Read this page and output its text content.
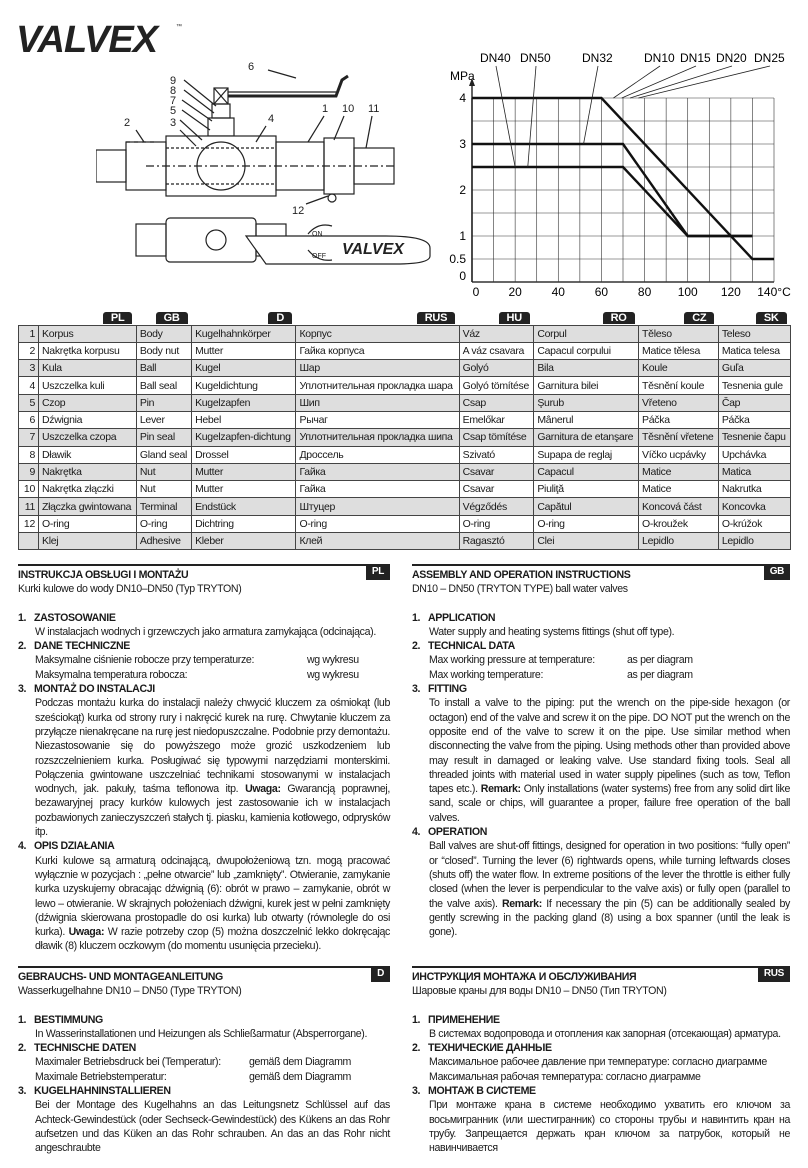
VALVEX	™
6
9
8
7
5
3
2	4
1 10 11
12
ON
OFF VALVEX
MPa
0
0.5
1
2
3
4
0 20 40 60 80 100 120 140°C
DN40 DN50	DN32	DN10 DN15 DN20 DN25
	PL	GB	D	RUS	HU	RO	CZ	SK
1	Korpus	Body	Kugelhahnkörper	Корпус	Váz	Corpul	Těleso	Teleso
2	Nakrętka korpusu	Body nut	Mutter	Гайка корпуса	A váz csavara	Capacul corpului	Matice tělesa	Matica telesa
3	Kula	Ball	Kugel	Шар	Golyó	Bila	Koule	Guľa
4	Uszczelka kuli	Ball seal	Kugeldichtung	Уплотнительная прокладка шара	Golyó tömítése	Garnitura bilei	Těsnění koule	Tesnenia gule
5	Czop	Pin	Kugelzapfen	Шип	Csap	Şurub	Vřeteno	Čap
6	Dźwignia	Lever	Hebel	Рычаг	Emelőkar	Mânerul	Páčka	Páčka
7	Uszczelka czopa	Pin seal	Kugelzapfen-dichtung	Уплотнительная прокладка шипа	Csap tömítése	Garnitura de etanşare	Těsnění vřetene	Tesnenie čapu
8	Dławik	Gland seal	Drossel	Дроссель	Szivató	Supapa de reglaj	Víčko ucpávky	Upchávka
9	Nakrętka	Nut	Mutter	Гайка	Csavar	Capacul	Matice	Matica
10	Nakrętka złączki	Nut	Mutter	Гайка	Csavar	Piuliţă	Matice	Nakrutka
11	Złączka gwintowana	Terminal	Endstück	Штуцер	Végződés	Capătul	Koncová část	Koncovka
12	O-ring	O-ring	Dichtring	O-ring	O-ring	O-ring	O-kroužek	O-krúžok
	Klej	Adhesive	Kleber	Клей	Ragasztó	Clei	Lepidlo	Lepidlo
PL
INSTRUKCJA OBSŁUGI I MONTAŻU
Kurki kulowe do wody DN10–DN50 (Typ TRYTON)
1. ZASTOSOWANIE
W instalacjach wodnych i grzewczych jako armatura zamykająca (odcinająca).
2. DANE TECHNICZNE
Maksymalne ciśnienie robocze przy temperaturze:	wg wykresu
Maksymalna temperatura robocza:	wg wykresu
3. MONTAŻ DO INSTALACJI
Podczas montażu kurka do instalacji należy chwycić kluczem za ośmiokąt (lub sześciokąt) kurka od strony rury i nakręcić kurek na rurę. Chwytanie kluczem za przyłącze nienakręcane na rurę jest niedopuszczalne. Podobnie przy demontażu. Niezastosowanie się do powyższego może grozić uszkodzeniem lub rozszczelnieniem kurka. Posługiwać się typowymi narzędziami monterskimi. Połączenia gwintowane uszczelniać technikami stosowanymi w instalacjach wodnych, jak. pakuły, taśma teflonowa itp. Uwaga: Gwarancją poprawnej, bezawaryjnej pracy kurków kulowych jest zastosowanie ich w instalacjach pozbawionych zanieczyszczeń stałych tj. piasku, kamienia kotłowego, odprysków itp.
4. OPIS DZIAŁANIA
Kurki kulowe są armaturą odcinającą, dwupołożeniową tzn. mogą pracować wyłącznie w pozycjach : „pełne otwarcie” lub „zamknięty”. Otwieranie, zamykanie kurka uzyskujemy obracając dźwignią (6): obrót w prawo – zamykanie, obrót w lewo – otwieranie. W skrajnych położeniach dźwigni, kurek jest w pełni zamknięty (dźwignia skierowana prostopadle do osi kurka) lub otwarty (równolegle do osi kurka). Uwaga: W razie potrzeby czop (5) można doszczelnić lekko dokręcając dławik (8) kluczem oczkowym (do momentu usunięcia przecieku).
GB
ASSEMBLY AND OPERATION INSTRUCTIONS
DN10 – DN50 (TRYTON TYPE) ball water valves
1. APPLICATION
Water supply and heating systems fittings (shut off type).
2. TECHNICAL DATA
Max working pressure at temperature:	as per diagram
Max working temperature:	as per diagram
3. FITTING
To install a valve to the piping: put the wrench on the pipe-side hexagon (or octagon) end of the valve and screw it on the pipe. DO NOT put the wrench on the opposite end of the valve to screw it on the pipe. Use similar method when disconnecting the valve from the piping. Using methods other than provided above may result in damaged or leaking valve. Use standard fixing tools. Seal all threaded joints with material used in water supply pipelines (such as tow, Teflon tapes etc.). Remark: Only installations (water systems) free from any solid dirt like sand, scale or chips, will guarantee a proper, failure free operation of the ball valves.
4. OPERATION
Ball valves are shut-off fittings, designed for operation in two positions: “fully open” or “closed”. Turning the lever (6) rightwards opens, while turning leftwards closes (shuts off) the water flow. In extreme positions of the lever the throttle is either fully closed (when the lever is perpendicular to the valve axis) or fully open (parallel to the valve axis). Remark: If necessary the pin (5) can be additionally sealed by gently screwing in the packing gland (8) using a box spanner (until the leak is gone).
D
GEBRAUCHS- UND MONTAGEANLEITUNG
Wasserkugelhahne DN10 – DN50 (Type TRYTON)
1. BESTIMMUNG
In Wasserinstallationen und Heizungen als Schließarmatur (Absperrorgane).
2. TECHNISCHE DATEN
Maximaler Betriebsdruck bei (Temperatur):	gemäß dem Diagramm
Maximale Betriebstemperatur:	gemäß dem Diagramm
3. KUGELHAHNINSTALLIEREN
Bei der Montage des Kugelhahns an das Leitungsnetz Schlüssel auf das Achteck-Gewindestück (oder Sechseck-Gewindestück) des Kükens an das Rohr aufsetzen und das Küken an das Rohr schrauben. An das an das Rohr nicht angeschraubte
RUS
ИНСТРУКЦИЯ МОНТАЖА И ОБСЛУЖИВАНИЯ
Шаровые краны для воды DN10 – DN50 (Тип TRYTON)
1. ПРИМЕНЕНИЕ
В системах водопровода и отопления как запорная (отсекающая) арматура.
2. ТЕХНИЧЕСКИЕ ДАННЫЕ
Максимальное рабочее давление при температуре: согласно диаграмме
Максимальная рабочая температура: согласно диаграмме
3. МОНТАЖ В СИСТЕМЕ
При монтаже крана в системе необходимо ухватить его ключом за восьмигранник (или шестигранник) со стороны трубы и навинтить кран на трубу. Запрещается держать кран ключом за патрубок, который не навинчивается
